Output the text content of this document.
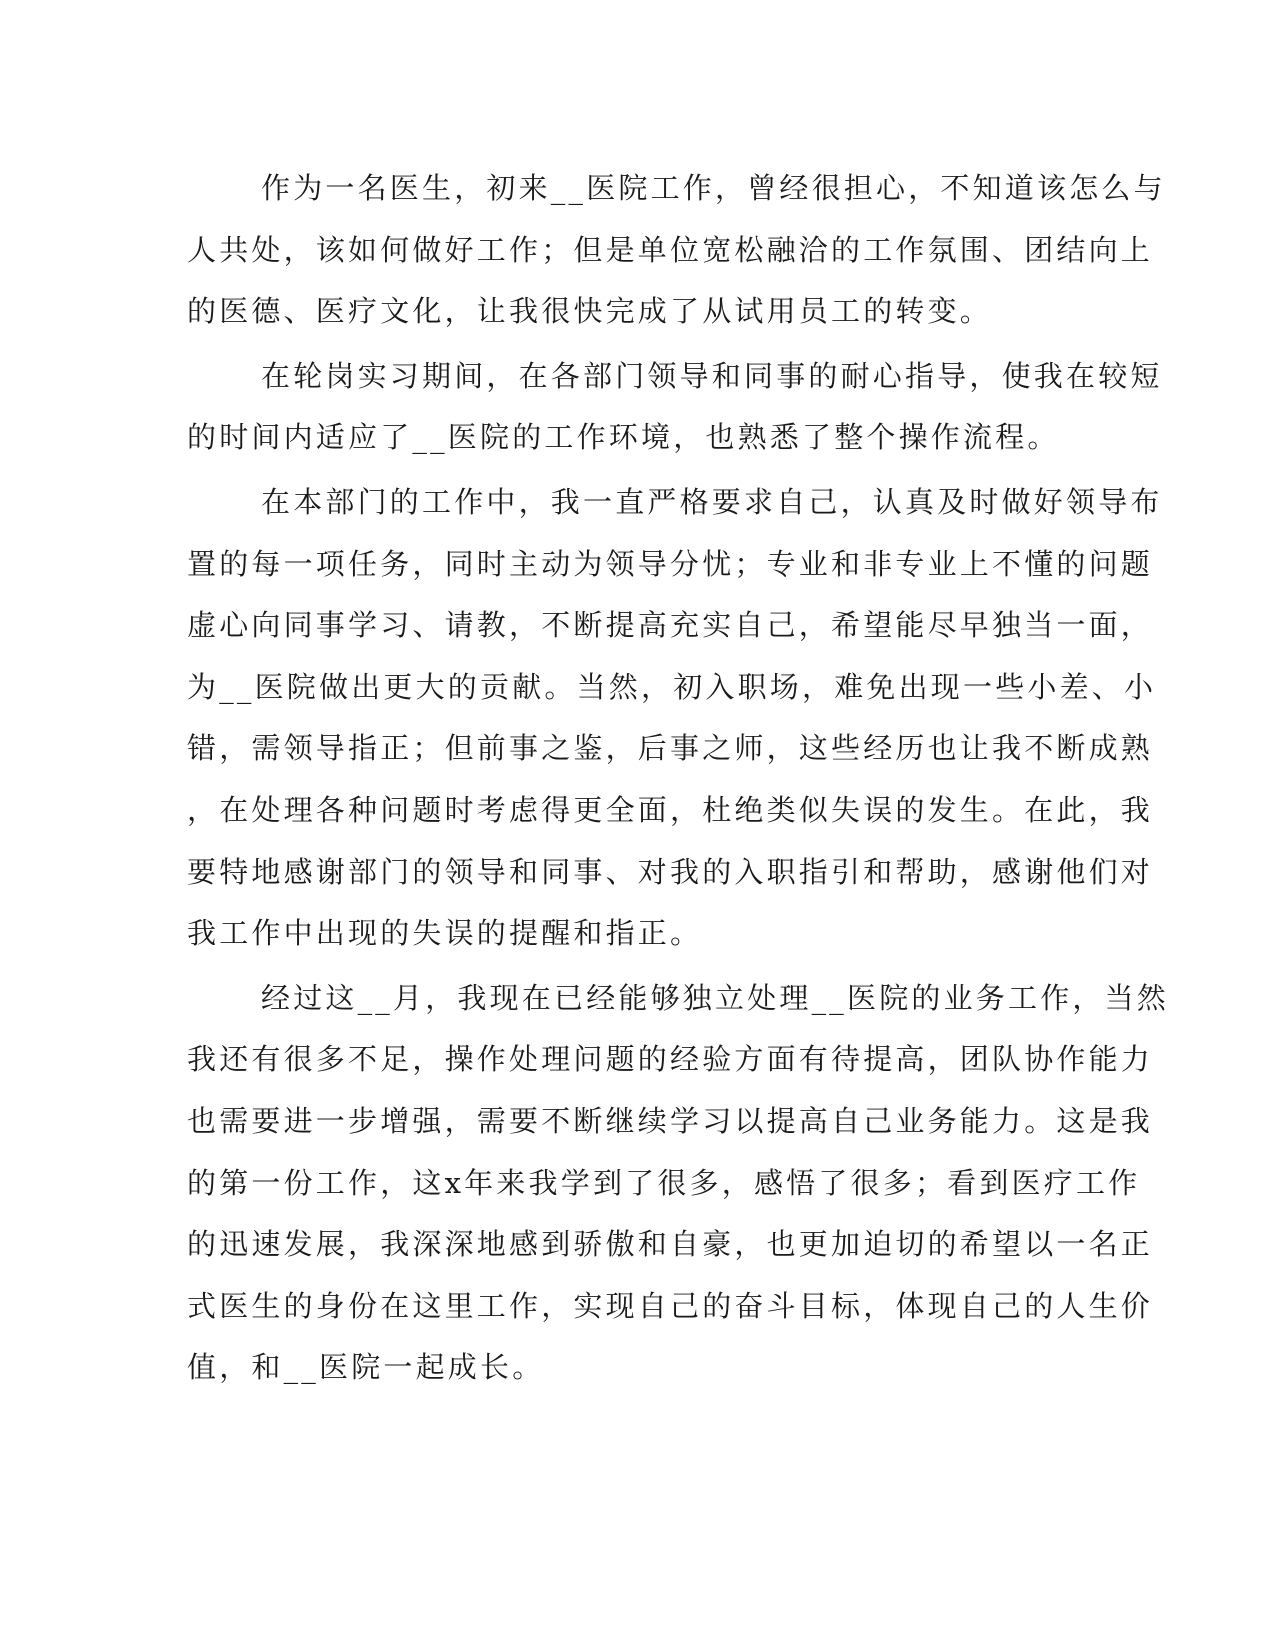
作为一名医生，初来__医院工作，曾经很担心，不知道该怎么与
人共处，该如何做好工作；但是单位宽松融洽的工作氛围、团结向上
的医德、医疗文化，让我很快完成了从试用员工的转变。

在轮岗实习期间，在各部门领导和同事的耐心指导，使我在较短
的时间内适应了__医院的工作环境，也熟悉了整个操作流程。

在本部门的工作中，我一直严格要求自己，认真及时做好领导布
置的每一项任务，同时主动为领导分忧；专业和非专业上不懂的问题
虚心向同事学习、请教，不断提高充实自己，希望能尽早独当一面，
为__医院做出更大的贡献。当然，初入职场，难免出现一些小差、小
错，需领导指正；但前事之鉴，后事之师，这些经历也让我不断成熟
，在处理各种问题时考虑得更全面，杜绝类似失误的发生。在此，我
要特地感谢部门的领导和同事、对我的入职指引和帮助，感谢他们对
我工作中出现的失误的提醒和指正。

经过这__月，我现在已经能够独立处理__医院的业务工作，当然
我还有很多不足，操作处理问题的经验方面有待提高，团队协作能力
也需要进一步增强，需要不断继续学习以提高自己业务能力。这是我
的第一份工作，这x年来我学到了很多，感悟了很多；看到医疗工作
的迅速发展，我深深地感到骄傲和自豪，也更加迫切的希望以一名正
式医生的身份在这里工作，实现自己的奋斗目标，体现自己的人生价
值，和__医院一起成长。
